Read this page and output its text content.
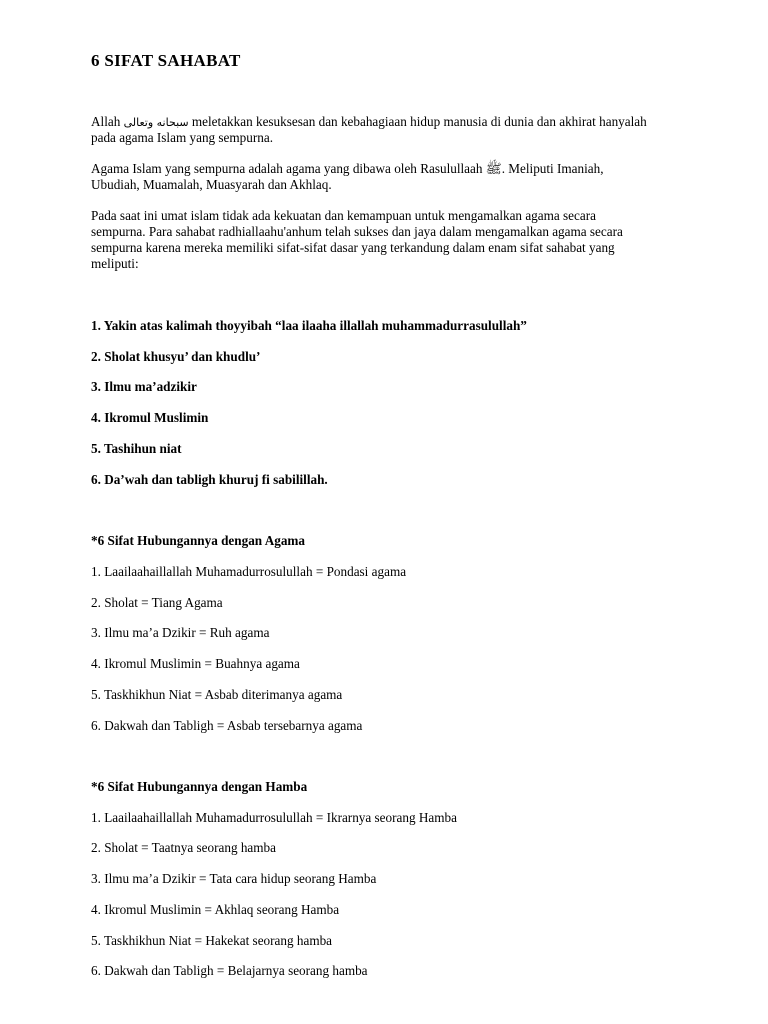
6 SIFAT SAHABAT
Allah سبحانه وتعالى meletakkan kesuksesan dan kebahagiaan hidup manusia di dunia dan akhirat hanyalah
pada agama Islam yang sempurna.
Agama Islam yang sempurna adalah agama yang dibawa oleh Rasulullaah ﷺ. Meliputi Imaniah,
Ubudiah, Muamalah, Muasyarah dan Akhlaq.
Pada saat ini umat islam tidak ada kekuatan dan kemampuan untuk mengamalkan agama secara
sempurna. Para sahabat radhiallaahu'anhum telah sukses dan jaya dalam mengamalkan agama secara
sempurna karena mereka memiliki sifat-sifat dasar yang terkandung dalam enam sifat sahabat yang
meliputi:
1. Yakin atas kalimah thoyyibah “laa ilaaha illallah muhammadurrasulullah”
2. Sholat khusyu’ dan khudlu’
3. Ilmu ma’adzikir
4. Ikromul Muslimin
5. Tashihun niat
6. Da’wah dan tabligh khuruj fi sabilillah.
*6 Sifat Hubungannya dengan Agama
1. Laailaahaillallah Muhamadurrosulullah = Pondasi agama
2. Sholat = Tiang Agama
3. Ilmu ma’a Dzikir = Ruh agama
4. Ikromul Muslimin = Buahnya agama
5. Taskhikhun Niat = Asbab diterimanya agama
6. Dakwah dan Tabligh = Asbab tersebarnya agama
*6 Sifat Hubungannya dengan Hamba
1. Laailaahaillallah Muhamadurrosulullah = Ikrarnya seorang Hamba
2. Sholat = Taatnya seorang hamba
3. Ilmu ma’a Dzikir = Tata cara hidup seorang Hamba
4. Ikromul Muslimin = Akhlaq seorang Hamba
5. Taskhikhun Niat = Hakekat seorang hamba
6. Dakwah dan Tabligh = Belajarnya seorang hamba
